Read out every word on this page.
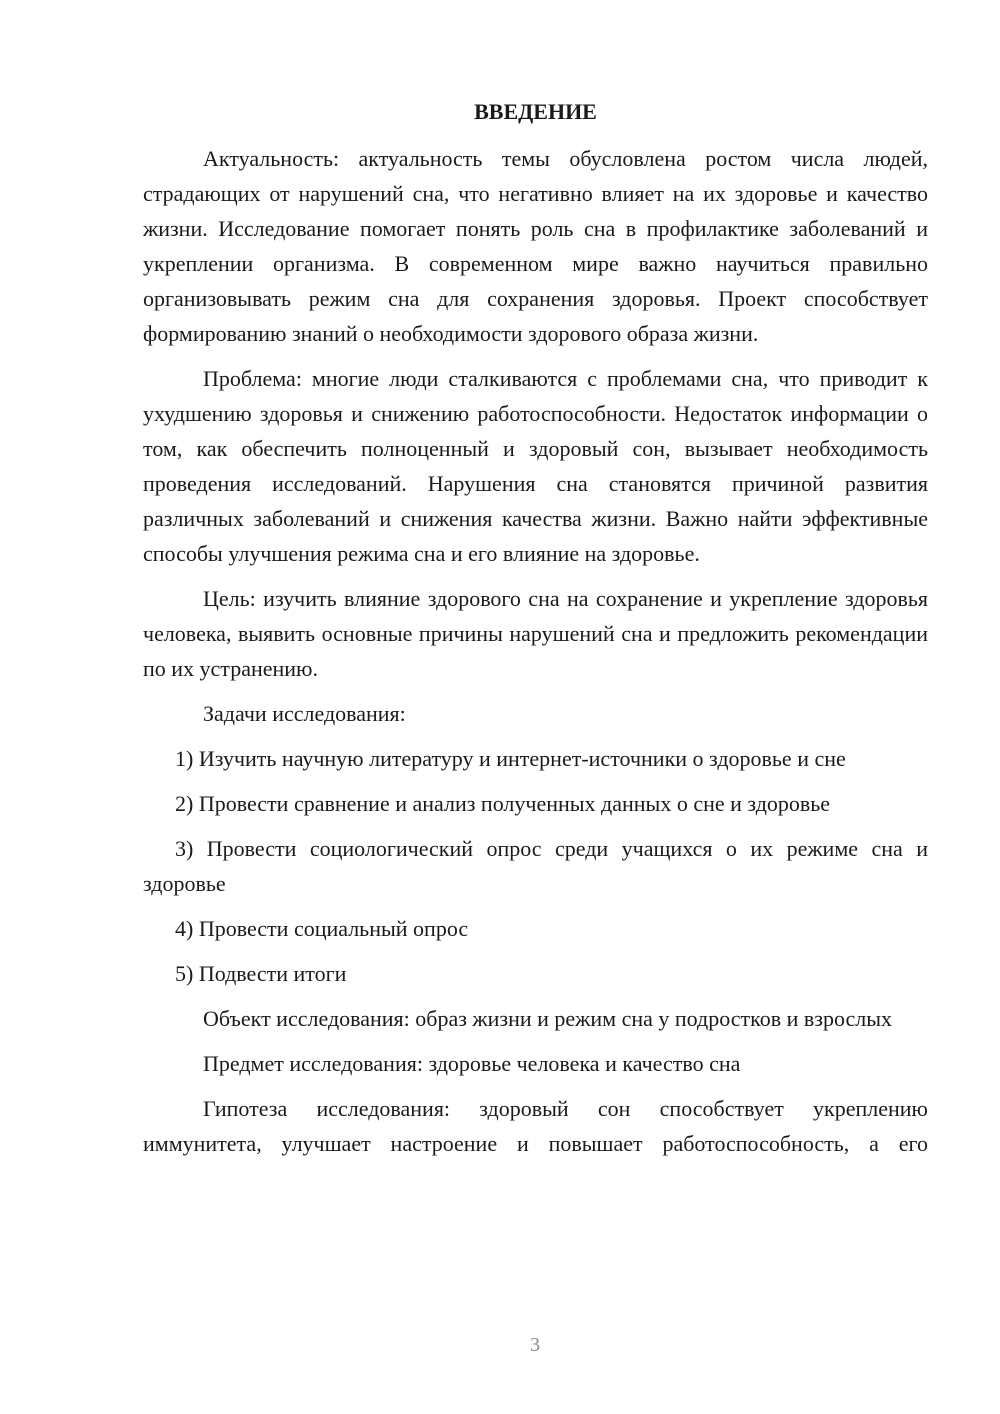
ВВЕДЕНИЕ

Актуальность: актуальность темы обусловлена ростом числа людей, страдающих от нарушений сна, что негативно влияет на их здоровье и качество жизни. Исследование помогает понять роль сна в профилактике заболеваний и укреплении организма. В современном мире важно научиться правильно организовывать режим сна для сохранения здоровья. Проект способствует формированию знаний о необходимости здорового образа жизни.

Проблема: многие люди сталкиваются с проблемами сна, что приводит к ухудшению здоровья и снижению работоспособности. Недостаток информации о том, как обеспечить полноценный и здоровый сон, вызывает необходимость проведения исследований. Нарушения сна становятся причиной развития различных заболеваний и снижения качества жизни. Важно найти эффективные способы улучшения режима сна и его влияние на здоровье.

Цель: изучить влияние здорового сна на сохранение и укрепление здоровья человека, выявить основные причины нарушений сна и предложить рекомендации по их устранению.

Задачи исследования:

1) Изучить научную литературу и интернет-источники о здоровье и сне

2) Провести сравнение и анализ полученных данных о сне и здоровье

3) Провести социологический опрос среди учащихся о их режиме сна и здоровье

4) Провести социальный опрос

5) Подвести итоги

Объект исследования: образ жизни и режим сна у подростков и взрослых

Предмет исследования: здоровье человека и качество сна

Гипотеза исследования: здоровый сон способствует укреплению иммунитета, улучшает настроение и повышает работоспособность, а его

3
